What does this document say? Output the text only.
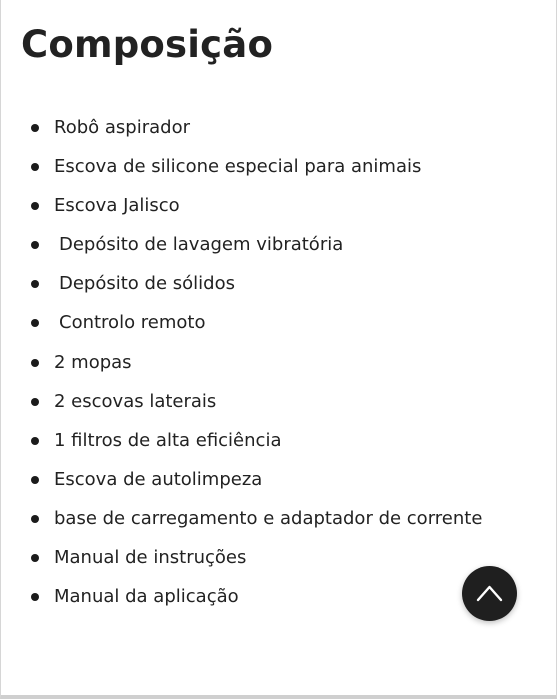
Composição
Robô aspirador
Escova de silicone especial para animais
Escova Jalisco
Depósito de lavagem vibratória
Depósito de sólidos
Controlo remoto
2 mopas
2 escovas laterais
1 filtros de alta eficiência
Escova de autolimpeza
base de carregamento e adaptador de corrente
Manual de instruções
Manual da aplicação
